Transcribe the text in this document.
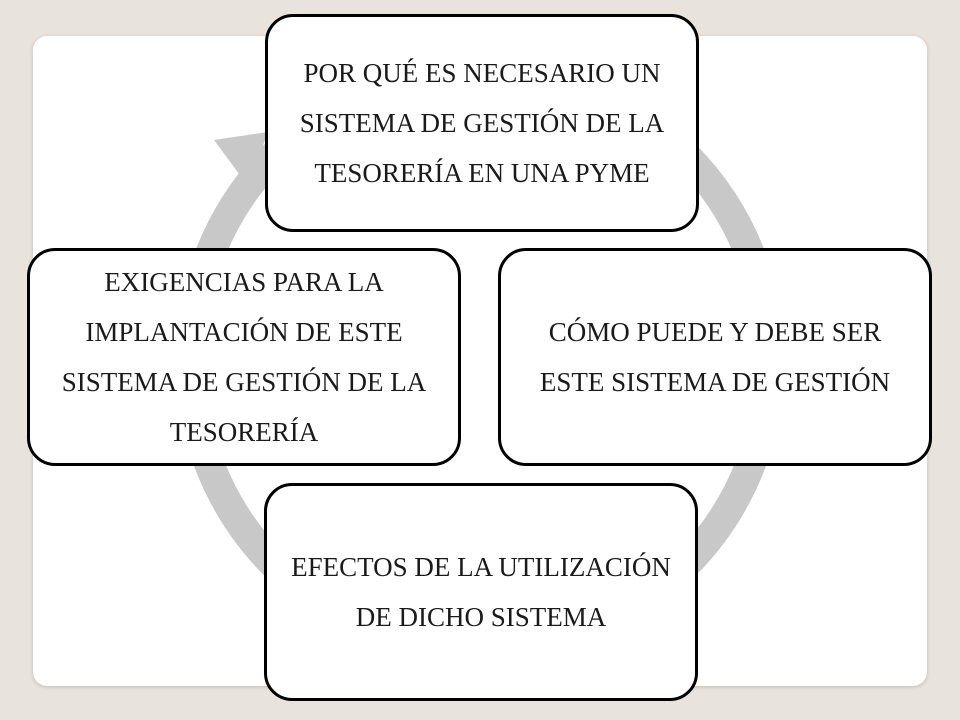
POR QUÉ ES NECESARIO UN SISTEMA DE GESTIÓN DE LA TESORERÍA EN UNA PYME
CÓMO PUEDE Y DEBE SER ESTE SISTEMA DE GESTIÓN
EFECTOS DE LA UTILIZACIÓN DE DICHO SISTEMA
EXIGENCIAS PARA LA IMPLANTACIÓN DE ESTE SISTEMA DE GESTIÓN DE LA TESORERÍA
